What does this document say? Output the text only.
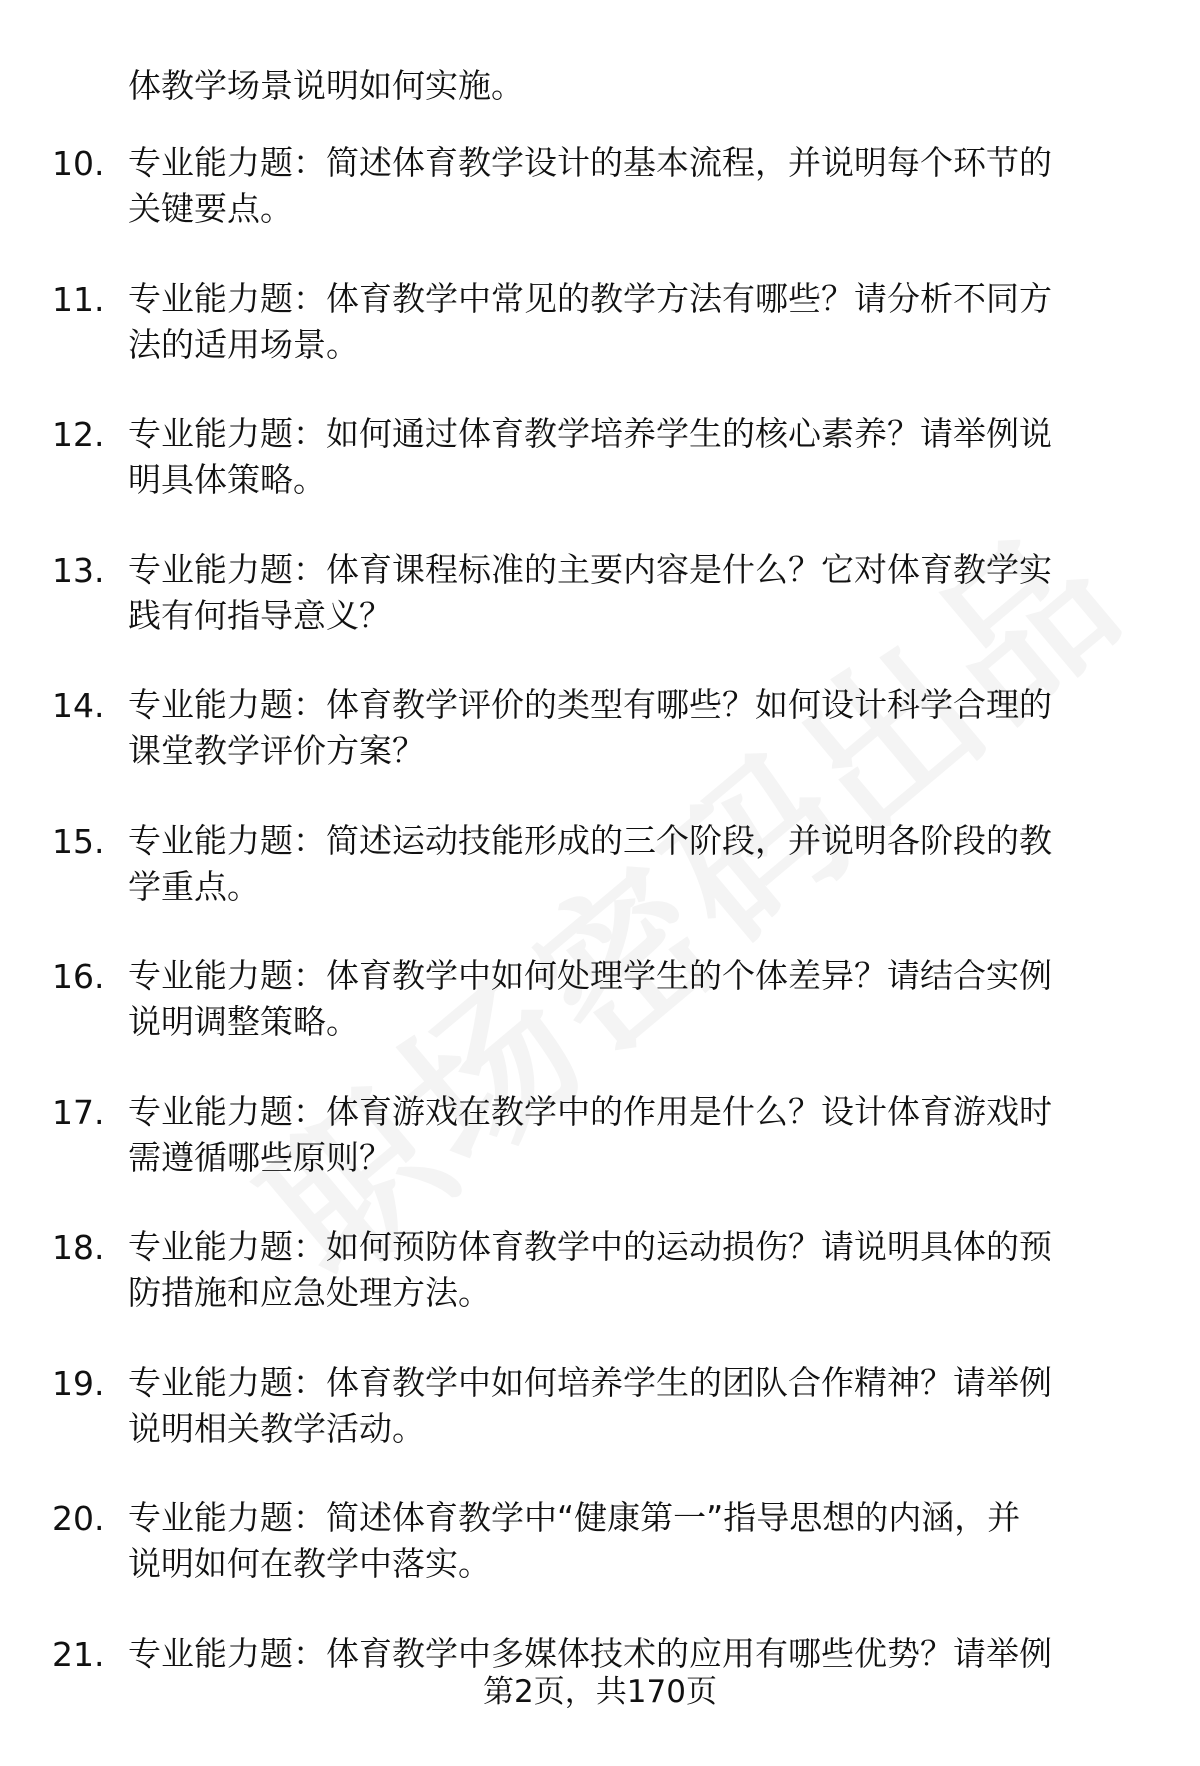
体教学场景说明如何实施。
10. 专业能力题：简述体育教学设计的基本流程，并说明每个环节的
关键要点。
11. 专业能力题：体育教学中常见的教学方法有哪些？请分析不同方
法的适用场景。
12. 专业能力题：如何通过体育教学培养学生的核心素养？请举例说
明具体策略。
13. 专业能力题：体育课程标准的主要内容是什么？它对体育教学实
践有何指导意义？
14. 专业能力题：体育教学评价的类型有哪些？如何设计科学合理的
课堂教学评价方案？
15. 专业能力题：简述运动技能形成的三个阶段，并说明各阶段的教
学重点。
16. 专业能力题：体育教学中如何处理学生的个体差异？请结合实例
说明调整策略。
17. 专业能力题：体育游戏在教学中的作用是什么？设计体育游戏时
需遵循哪些原则？
18. 专业能力题：如何预防体育教学中的运动损伤？请说明具体的预
防措施和应急处理方法。
19. 专业能力题：体育教学中如何培养学生的团队合作精神？请举例
说明相关教学活动。
20. 专业能力题：简述体育教学中“健康第一”指导思想的内涵，并
说明如何在教学中落实。
21. 专业能力题：体育教学中多媒体技术的应用有哪些优势？请举例
第2页，共170页
